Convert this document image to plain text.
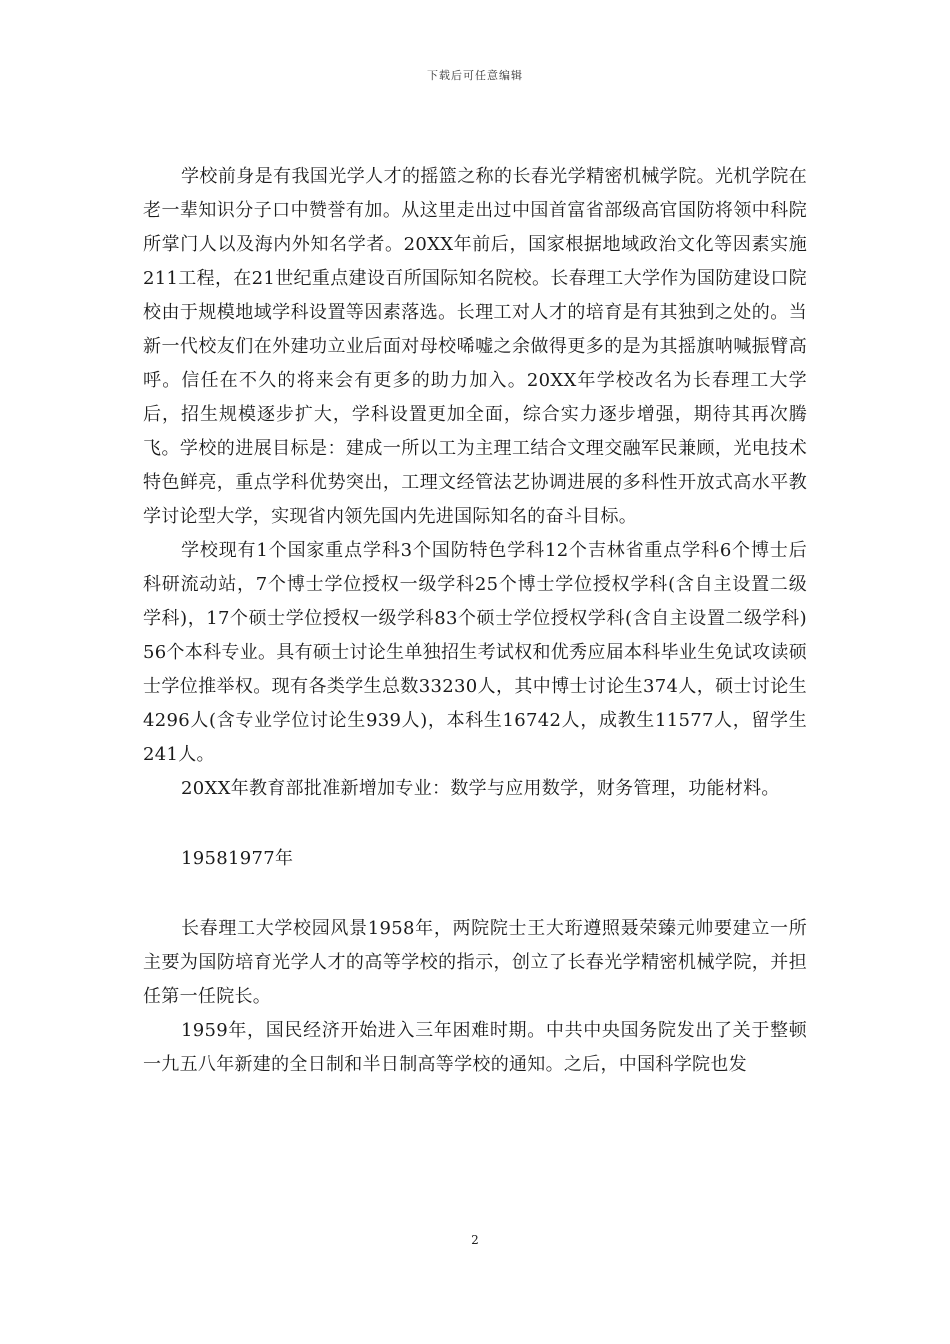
下载后可任意编辑

学校前身是有我国光学人才的摇篮之称的长春光学精密机械学院。光机学院在老一辈知识分子口中赞誉有加。从这里走出过中国首富省部级高官国防将领中科院所掌门人以及海内外知名学者。20XX年前后，国家根据地域政治文化等因素实施211工程，在21世纪重点建设百所国际知名院校。长春理工大学作为国防建设口院校由于规模地域学科设置等因素落选。长理工对人才的培育是有其独到之处的。当新一代校友们在外建功立业后面对母校唏嘘之余做得更多的是为其摇旗呐喊振臂高呼。信任在不久的将来会有更多的助力加入。20XX年学校改名为长春理工大学后，招生规模逐步扩大，学科设置更加全面，综合实力逐步增强，期待其再次腾飞。学校的进展目标是：建成一所以工为主理工结合文理交融军民兼顾，光电技术特色鲜亮，重点学科优势突出，工理文经管法艺协调进展的多科性开放式高水平教学讨论型大学，实现省内领先国内先进国际知名的奋斗目标。

学校现有1个国家重点学科3个国防特色学科12个吉林省重点学科6个博士后科研流动站，7个博士学位授权一级学科25个博士学位授权学科(含自主设置二级学科)，17个硕士学位授权一级学科83个硕士学位授权学科(含自主设置二级学科)56个本科专业。具有硕士讨论生单独招生考试权和优秀应届本科毕业生免试攻读硕士学位推举权。现有各类学生总数33230人，其中博士讨论生374人，硕士讨论生4296人(含专业学位讨论生939人)，本科生16742人，成教生11577人，留学生241人。

20XX年教育部批准新增加专业：数学与应用数学，财务管理，功能材料。

19581977年

长春理工大学校园风景1958年，两院院士王大珩遵照聂荣臻元帅要建立一所主要为国防培育光学人才的高等学校的指示，创立了长春光学精密机械学院，并担任第一任院长。

1959年，国民经济开始进入三年困难时期。中共中央国务院发出了关于整顿一九五八年新建的全日制和半日制高等学校的通知。之后，中国科学院也发

2
